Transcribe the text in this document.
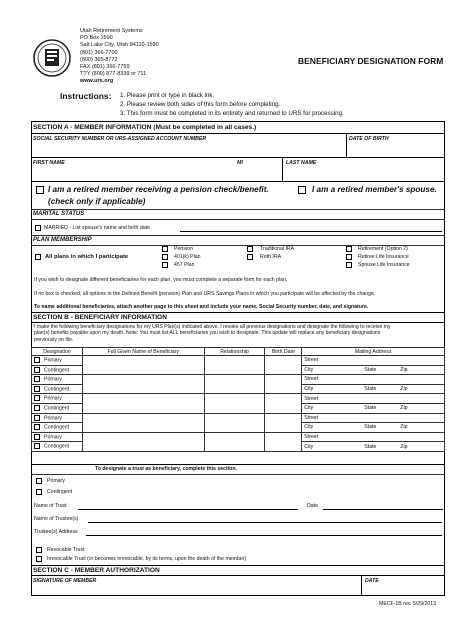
Utah Retirement Systems
PO Box 1590
Salt Lake City, Utah 84110-1590
(801) 366-7700
(800) 365-8772
FAX (801) 366-7759
TTY (800) 877-8339 or 711
www.urs.org
BENEFICIARY DESIGNATION FORM
Instructions: 1. Please print or type in black ink.
2. Please review both sides of this form before completing.
3. This form must be completed in its entirety and returned to URS for processing.
SECTION A - MEMBER INFORMATION (Must be completed in all cases.)
SOCIAL SECURITY NUMBER OR URS-ASSIGNED ACCOUNT NUMBER	DATE OF BIRTH
FIRST NAME	MI	LAST NAME
I am a retired member receiving a pension check/benefit.
(check only if applicable)
I am a retired member's spouse.
MARITAL STATUS
MARRIED - List spouse's name and birth date
PLAN MEMBERSHIP
All plans in which I participate
Pension
401(k) Plan
457 Plan
Traditional IRA
Roth IRA
Retirement (Option 2)
Retiree Life Insurance
Spouse Life Insurance
If you wish to designate different beneficiaries for each plan, you must complete a separate form for each plan.
If no box is checked, all options in the Defined Benefit (pension) Plan and URS Savings Plans in which you participate will be affected by the change.
To name additional beneficiaries, attach another page to this sheet and include your name, Social Security number, date, and signature.
SECTION B - BENEFICIARY INFORMATION
I make the following beneficiary designations for my URS Plan(s) indicated above. I revoke all previous designations and designate the following to receive my
plan(s) benefits payable upon my death. Note: You must list ALL beneficiaries you wish to designate. This update will replace any beneficiary designations
previously on file.
Designation	Full Given Name of Beneficiary	Relationship	Birth Date	Mailing Address
Primary				Street
Contingent				City State Zip
Primary				Street
Contingent				City State Zip
Primary				Street
Contingent				City State Zip
Primary				Street
Contingent				City State Zip
Primary				Street
Contingent				City State Zip
To designate a trust as beneficiary, complete this section.
Primary
Contingent
Name of Trust	Date
Name of Trustee(s)
Trustee(s) Address
Revocable Trust
Irrevocable Trust (or becomes irrevocable, by its terms, upon the death of the member)
SECTION C - MEMBER AUTHORIZATION
SIGNATURE OF MEMBER	DATE
MECF-1B rev. 5/29/2013
